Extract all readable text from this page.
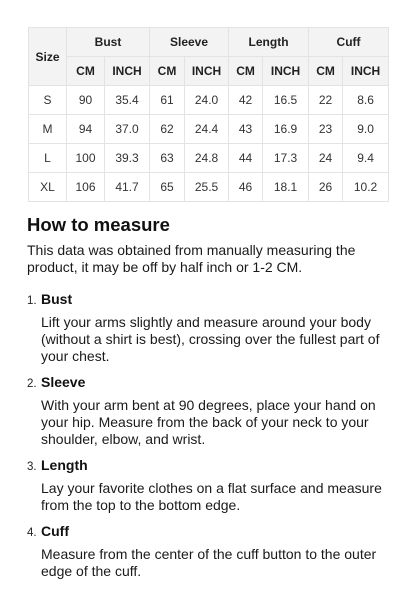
Size	Bust		Sleeve		Length		Cuff	
	CM	INCH	CM	INCH	CM	INCH	CM	INCH
S	90	35.4	61	24.0	42	16.5	22	8.6
M	94	37.0	62	24.4	43	16.9	23	9.0
L	100	39.3	63	24.8	44	17.3	24	9.4
XL	106	41.7	65	25.5	46	18.1	26	10.2
How to measure

This data was obtained from manually measuring the product, it may be off by half inch or 1-2 CM.

1. Bust
Lift your arms slightly and measure around your body (without a shirt is best), crossing over the fullest part of your chest.
2. Sleeve
With your arm bent at 90 degrees, place your hand on your hip. Measure from the back of your neck to your shoulder, elbow, and wrist.
3. Length
Lay your favorite clothes on a flat surface and measure from the top to the bottom edge.
4. Cuff
Measure from the center of the cuff button to the outer edge of the cuff.
